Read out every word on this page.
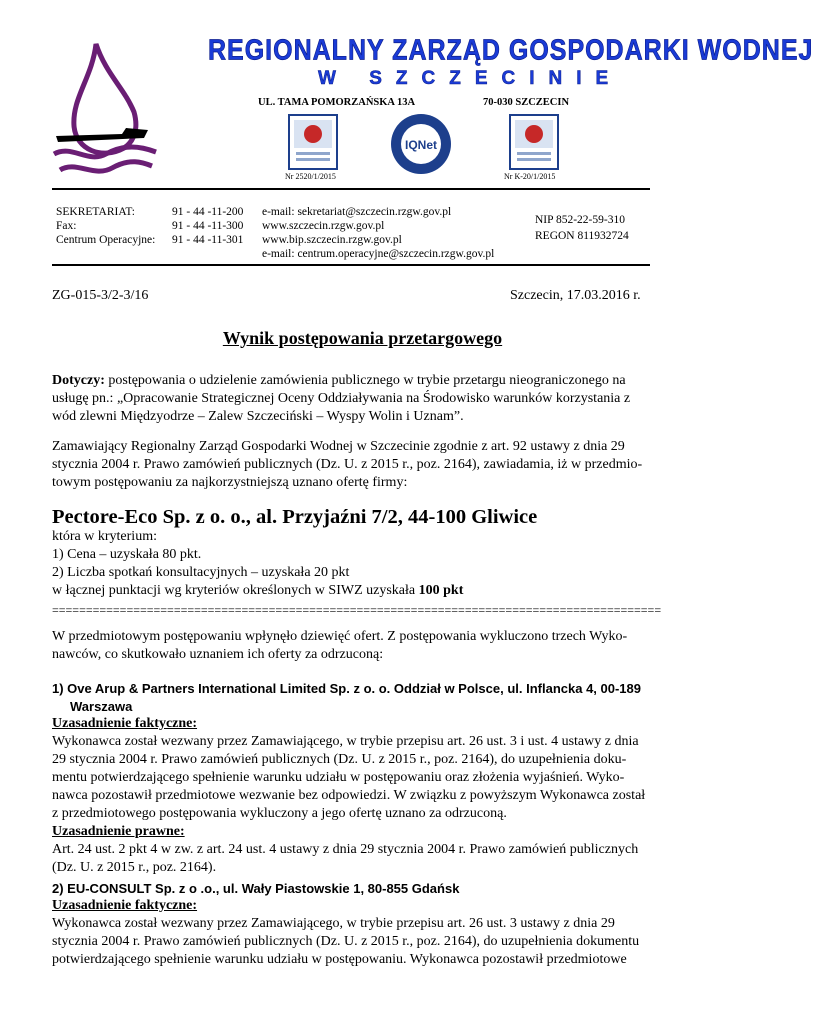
REGIONALNY ZARZĄD GOSPODARKI WODNEJ
W SZCZECINIE
UL. TAMA POMORZAŃSKA 13A	70-030 SZCZECIN
Nr 2520/1/2015
IQNet
Nr K-20/1/2015
SEKRETARIAT:
Fax:
Centrum Operacyjne:
91 - 44 -11-200
91 - 44 -11-300
91 - 44 -11-301
e-mail: sekretariat@szczecin.rzgw.gov.pl
www.szczecin.rzgw.gov.pl
www.bip.szczecin.rzgw.gov.pl
e-mail: centrum.operacyjne@szczecin.rzgw.gov.pl
NIP 852-22-59-310
REGON 811932724
ZG-015-3/2-3/16	Szczecin, 17.03.2016 r.
Wynik postępowania przetargowego
Dotyczy: postępowania o udzielenie zamówienia publicznego w trybie przetargu nieograniczonego na
usługę pn.: „Opracowanie Strategicznej Oceny Oddziaływania na Środowisko warunków korzystania z
wód zlewni Międzyodrze – Zalew Szczeciński – Wyspy Wolin i Uznam”.
Zamawiający Regionalny Zarząd Gospodarki Wodnej w Szczecinie zgodnie z art. 92 ustawy z dnia 29
stycznia 2004 r. Prawo zamówień publicznych (Dz. U. z 2015 r., poz. 2164), zawiadamia, iż w przedmio-
towym postępowaniu za najkorzystniejszą uznano ofertę firmy:
Pectore-Eco Sp. z o. o., al. Przyjaźni 7/2, 44-100 Gliwice
która w kryterium:
1) Cena – uzyskała 80 pkt.
2) Liczba spotkań konsultacyjnych – uzyskała 20 pkt
w łącznej punktacji wg kryteriów określonych w SIWZ uzyskała 100 pkt
==========================================================================================
W przedmiotowym postępowaniu wpłynęło dziewięć ofert. Z postępowania wykluczono trzech Wyko-
nawców, co skutkowało uznaniem ich oferty za odrzuconą:
1) Ove Arup & Partners International Limited Sp. z o. o. Oddział w Polsce, ul. Inflancka 4, 00-189
Warszawa
Uzasadnienie faktyczne:
Wykonawca został wezwany przez Zamawiającego, w trybie przepisu art. 26 ust. 3 i ust. 4 ustawy z dnia
29 stycznia 2004 r. Prawo zamówień publicznych (Dz. U. z 2015 r., poz. 2164), do uzupełnienia doku-
mentu potwierdzającego spełnienie warunku udziału w postępowaniu oraz złożenia wyjaśnień. Wyko-
nawca pozostawił przedmiotowe wezwanie bez odpowiedzi. W związku z powyższym Wykonawca został
z przedmiotowego postępowania wykluczony a jego ofertę uznano za odrzuconą.
Uzasadnienie prawne:
Art. 24 ust. 2 pkt 4 w zw. z art. 24 ust. 4 ustawy z dnia 29 stycznia 2004 r. Prawo zamówień publicznych
(Dz. U. z 2015 r., poz. 2164).
2) EU-CONSULT Sp. z o .o., ul. Wały Piastowskie 1, 80-855 Gdańsk
Uzasadnienie faktyczne:
Wykonawca został wezwany przez Zamawiającego, w trybie przepisu art. 26 ust. 3 ustawy z dnia 29
stycznia 2004 r. Prawo zamówień publicznych (Dz. U. z 2015 r., poz. 2164), do uzupełnienia dokumentu
potwierdzającego spełnienie warunku udziału w postępowaniu. Wykonawca pozostawił przedmiotowe
